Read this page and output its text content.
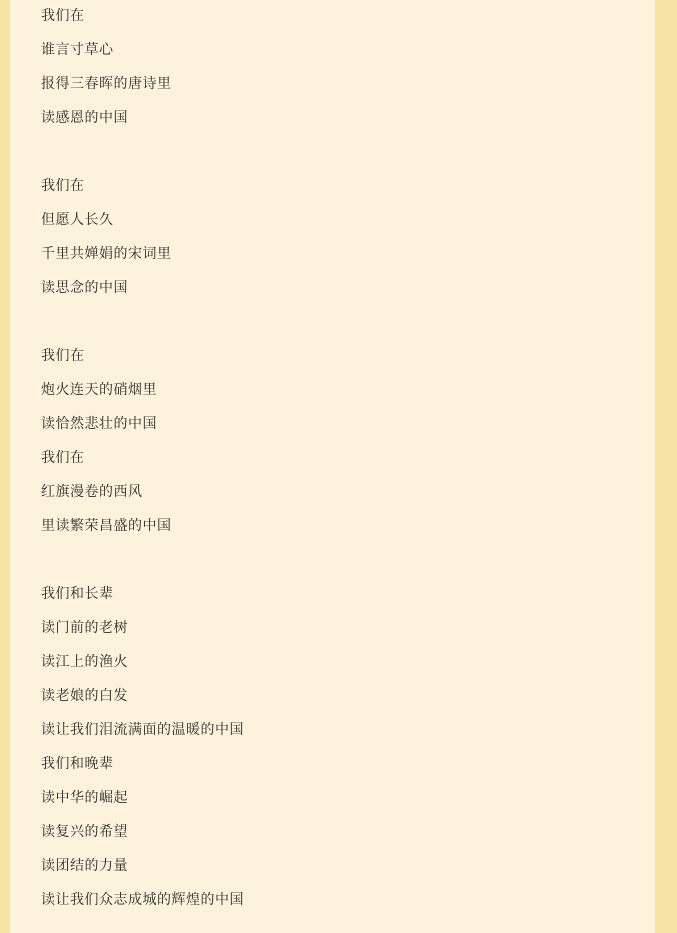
我们在
谁言寸草心
报得三春晖的唐诗里
读感恩的中国
我们在
但愿人长久
千里共婵娟的宋词里
读思念的中国
我们在
炮火连天的硝烟里
读恰然悲壮的中国
我们在
红旗漫卷的西风
里读繁荣昌盛的中国
我们和长辈
读门前的老树
读江上的渔火
读老娘的白发
读让我们泪流满面的温暖的中国
我们和晚辈
读中华的崛起
读复兴的希望
读团结的力量
读让我们众志成城的辉煌的中国
